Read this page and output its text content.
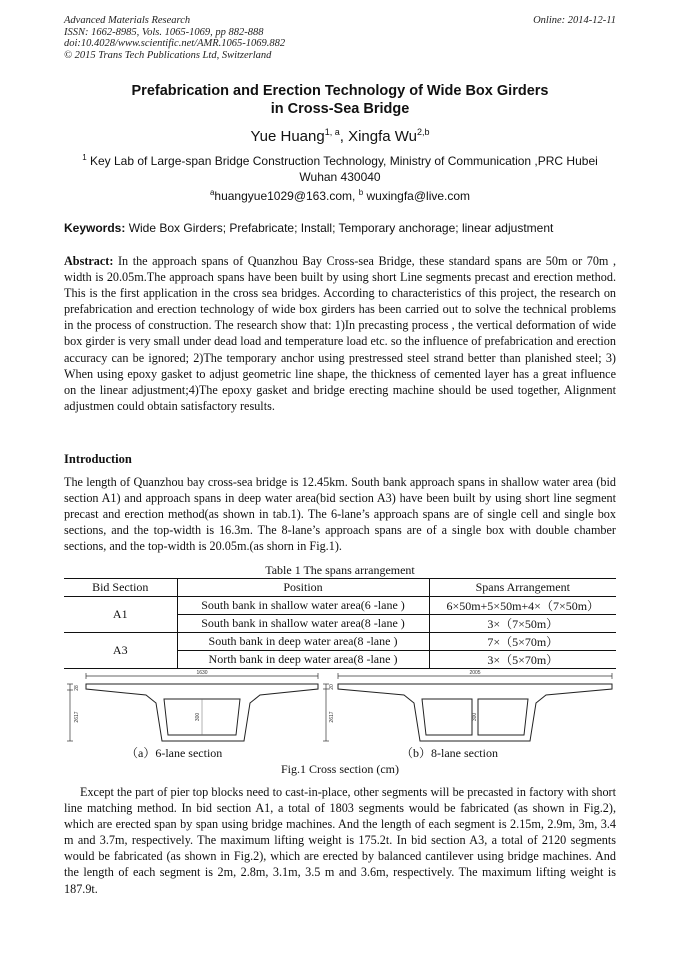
Advanced Materials Research
ISSN: 1662-8985, Vols. 1065-1069, pp 882-888
doi:10.4028/www.scientific.net/AMR.1065-1069.882
© 2015 Trans Tech Publications Ltd, Switzerland
Online: 2014-12-11
Prefabrication and Erection Technology of Wide Box Girders
in Cross-Sea Bridge
Yue Huang$^{1, a}$, Xingfa Wu$^{2,b}$
$^1$ Key Lab of Large-span Bridge Construction Technology, Ministry of Communication ,PRC Hubei
Wuhan 430040
$^a$huangyue1029@163.com, $^b$ wuxingfa@live.com
Keywords: Wide Box Girders; Prefabricate; Install; Temporary anchorage; linear adjustment
Abstract: In the approach spans of Quanzhou Bay Cross-sea Bridge, these standard spans are 50m or 70m , width is 20.05m.The approach spans have been built by using short Line segments precast and erection method. This is the first application in the cross sea bridges. According to characteristics of this project, the research on prefabrication and erection technology of wide box girders has been carried out to solve the technical problems in the process of construction. The research show that: 1)In precasting process , the vertical deformation of wide box girder is very small under dead load and temperature load etc. so the influence of prefabrication and erection accuracy can be ignored; 2)The temporary anchor using prestressed steel strand better than planished steel; 3) When using epoxy gasket to adjust geometric line shape, the thickness of cemented layer has a great influence on the linear adjustment;4)The epoxy gasket and bridge erecting machine should be used together, Alignment adjustmen could obtain satisfactory results.
Introduction
The length of Quanzhou bay cross-sea bridge is 12.45km. South bank approach spans in shallow water area (bid section A1) and approach spans in deep water area(bid section A3) have been built by using short line segment precast and erection method(as shown in tab.1). The 6-lane’s approach spans are of single cell and single box sections, and the top-width is 16.3m. The 8-lane’s approach spans are of a single box with double chamber sections, and the top-width is 20.05m.(as shorn in Fig.1).
Table 1 The spans arrangement
Bid Section	Position	Spans Arrangement
A1	South bank in shallow water area(6 -lane )	6×50m+5×50m+4×（7×50m）
	South bank in shallow water area(8 -lane )	3×（7×50m）
A3	South bank in deep water area(8 -lane )	7×（5×70m）
	North bank in deep water area(8 -lane )	3×（5×70m）
1630
28
2617	300
2005
20
2617	300
（a）6-lane section	（b）8-lane section
Fig.1 Cross section (cm)
Except the part of pier top blocks need to cast-in-place, other segments will be precasted in factory with short line matching method. In bid section A1, a total of 1803 segments would be fabricated (as shown in Fig.2), which are erected span by span using bridge machines. And the length of each segment is 2.15m, 2.9m, 3m, 3.4 m and 3.7m, respectively. The maximum lifting weight is 175.2t. In bid section A3, a total of 2120 segments would be fabricated (as shown in Fig.2), which are erected by balanced cantilever using bridge machines. And the length of each segment is 2m, 2.8m, 3.1m, 3.5 m and 3.6m, respectively. The maximum lifting weight is 187.9t.
